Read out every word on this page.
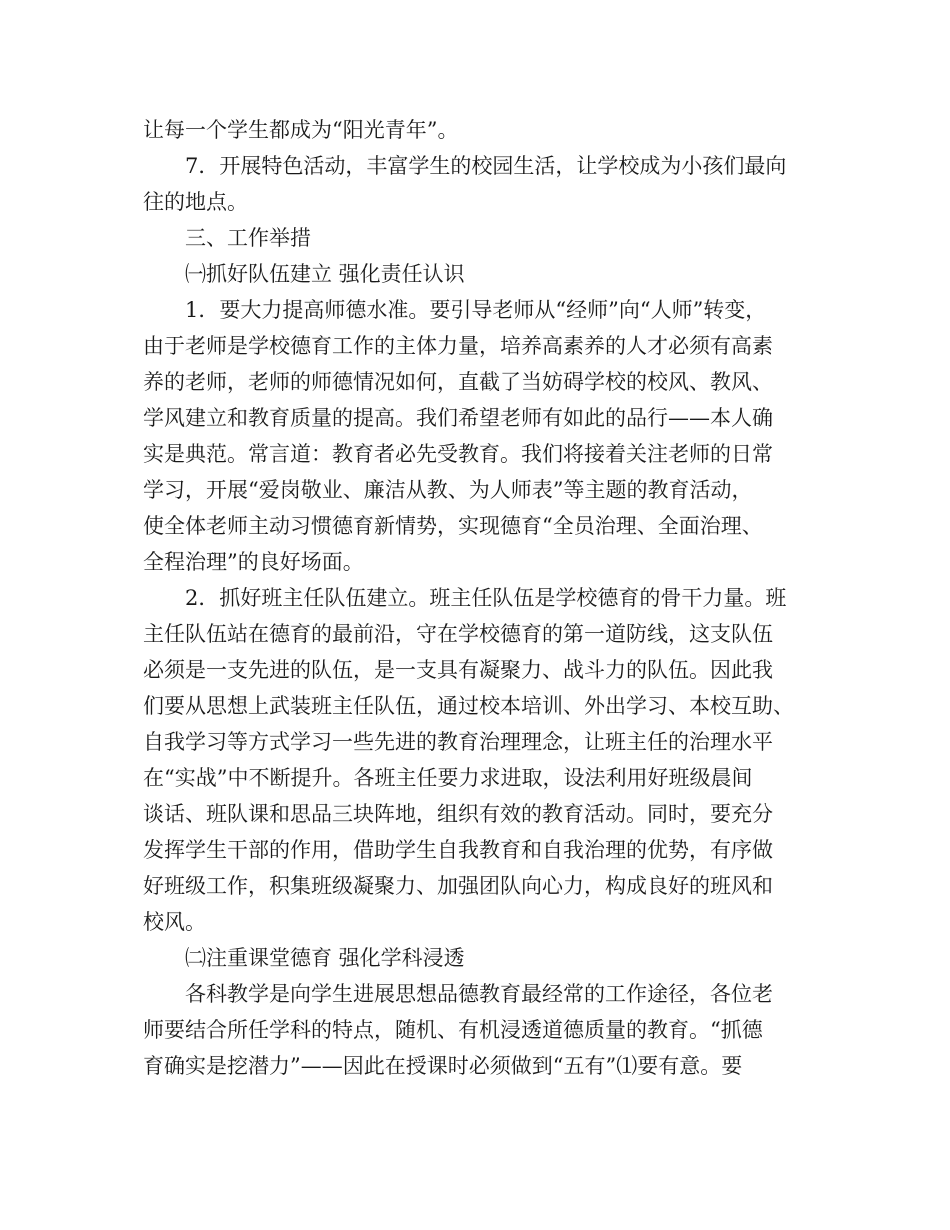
让每一个学生都成为“阳光青年”。

7．开展特色活动，丰富学生的校园生活，让学校成为小孩们最向

往的地点。

三、工作举措

㈠抓好队伍建立 强化责任认识

1．要大力提高师德水准。要引导老师从“经师”向“人师”转变，

由于老师是学校德育工作的主体力量，培养高素养的人才必须有高素

养的老师，老师的师德情况如何，直截了当妨碍学校的校风、教风、

学风建立和教育质量的提高。我们希望老师有如此的品行——本人确

实是典范。常言道：教育者必先受教育。我们将接着关注老师的日常

学习，开展“爱岗敬业、廉洁从教、为人师表”等主题的教育活动，

使全体老师主动习惯德育新情势，实现德育“全员治理、全面治理、

全程治理”的良好场面。

2．抓好班主任队伍建立。班主任队伍是学校德育的骨干力量。班

主任队伍站在德育的最前沿，守在学校德育的第一道防线，这支队伍

必须是一支先进的队伍，是一支具有凝聚力、战斗力的队伍。因此我

们要从思想上武装班主任队伍，通过校本培训、外出学习、本校互助、

自我学习等方式学习一些先进的教育治理理念，让班主任的治理水平

在“实战”中不断提升。各班主任要力求进取，设法利用好班级晨间

谈话、班队课和思品三块阵地，组织有效的教育活动。同时，要充分

发挥学生干部的作用，借助学生自我教育和自我治理的优势，有序做

好班级工作，积集班级凝聚力、加强团队向心力，构成良好的班风和

校风。

㈡注重课堂德育 强化学科浸透

各科教学是向学生进展思想品德教育最经常的工作途径，各位老

师要结合所任学科的特点，随机、有机浸透道德质量的教育。“抓德

育确实是挖潜力”——因此在授课时必须做到“五有”⑴要有意。要
